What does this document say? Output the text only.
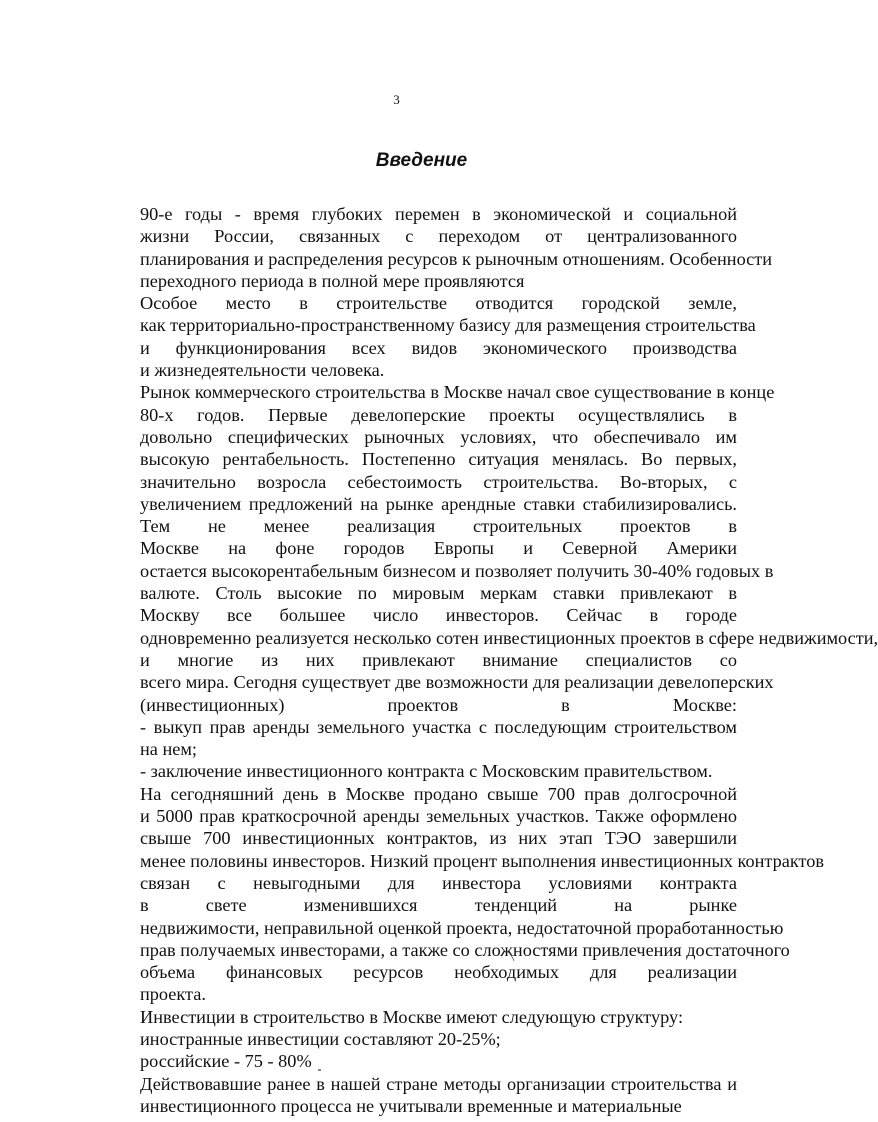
3
Введение

90-е годы - время глубоких перемен в экономической и социальной
жизни России, связанных с переходом от централизованного
планирования и распределения ресурсов к рыночным отношениям. Особенности
переходного периода в полной мере проявляются

Особое место в строительстве отводится городской земле,
как территориально-пространственному базису для размещения строительства
и функционирования всех видов экономического производства
и жизнедеятельности человека.

Рынок коммерческого строительства в Москве начал свое существование в конце
80-х годов. Первые девелоперские проекты осуществлялись в
довольно специфических рыночных условиях, что обеспечивало им
высокую рентабельность. Постепенно ситуация менялась. Во первых,
значительно возросла себестоимость строительства. Во-вторых, с
увеличением предложений на рынке арендные ставки стабилизировались.
Тем не менее реализация строительных проектов в
Москве на фоне городов Европы и Северной Америки
остается высокорентабельным бизнесом и позволяет получить 30-40% годовых в
валюте. Столь высокие по мировым меркам ставки привлекают в
Москву все большее число инвесторов. Сейчас в городе
одновременно реализуется несколько сотен инвестиционных проектов в сфере недвижимости,
и многие из них привлекают внимание специалистов со
всего мира. Сегодня существует две возможности для реализации девелоперских
(инвестиционных) проектов в Москве:

- выкуп прав аренды земельного участка с последующим строительством
на нем;

- заключение инвестиционного контракта с Московским правительством.

На сегодняшний день в Москве продано свыше 700 прав долгосрочной
и 5000 прав краткосрочной аренды земельных участков. Также оформлено
свыше 700 инвестиционных контрактов, из них этап ТЭО завершили
менее половины инвесторов. Низкий процент выполнения инвестиционных контрактов
связан с невыгодными для инвестора условиями контракта
в свете изменившихся тенденций на рынке
недвижимости, неправильной оценкой проекта, недостаточной проработанностью
прав получаемых инвесторами, а также со сложностями привлечения достаточного
объема финансовых ресурсов необходимых для реализации
проекта.

Инвестиции в строительство в Москве имеют следующую структуру:

иностранные инвестиции составляют 20-25%;

российские - 75 - 80%

Действовавшие ранее в нашей стране методы организации строительства и
инвестиционного процесса не учитывали временные и материальные
